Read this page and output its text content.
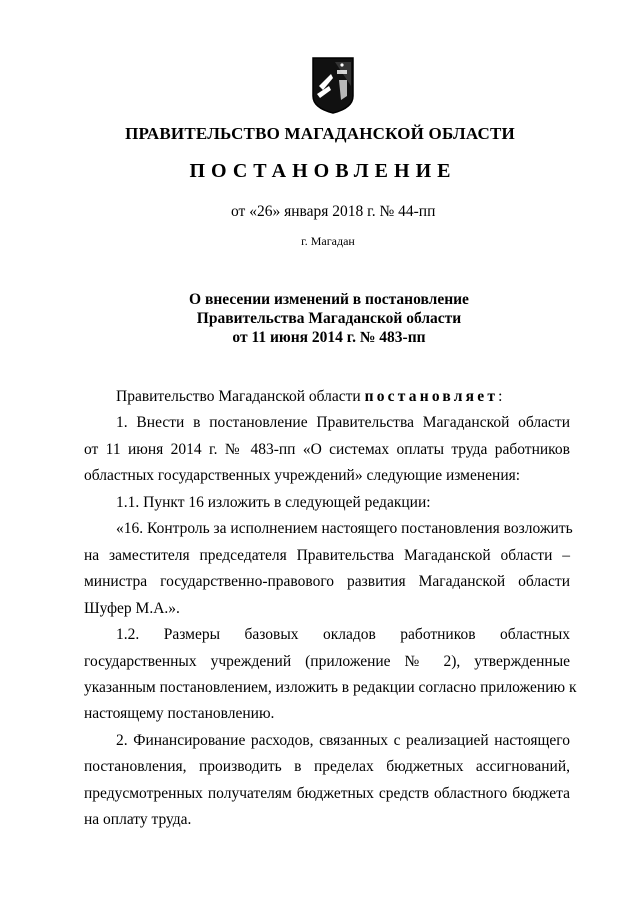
ПРАВИТЕЛЬСТВО МАГАДАНСКОЙ ОБЛАСТИ
ПОСТАНОВЛЕНИЕ
от «26» января 2018 г. № 44-пп
г. Магадан
О внесении изменений в постановление
Правительства Магаданской области
от 11 июня 2014 г. № 483-пп
Правительство Магаданской области постановляет:
1. Внести в постановление Правительства Магаданской области
от 11 июня 2014 г. № 483-пп «О системах оплаты труда работников
областных государственных учреждений» следующие изменения:
1.1. Пункт 16 изложить в следующей редакции:
«16. Контроль за исполнением настоящего постановления возложить
на заместителя председателя Правительства Магаданской области –
министра государственно-правового развития Магаданской области
Шуфер М.А.».
1.2. Размеры базовых окладов работников областных
государственных учреждений (приложение № 2), утвержденные
указанным постановлением, изложить в редакции согласно приложению к
настоящему постановлению.
2. Финансирование расходов, связанных с реализацией настоящего
постановления, производить в пределах бюджетных ассигнований,
предусмотренных получателям бюджетных средств областного бюджета
на оплату труда.
